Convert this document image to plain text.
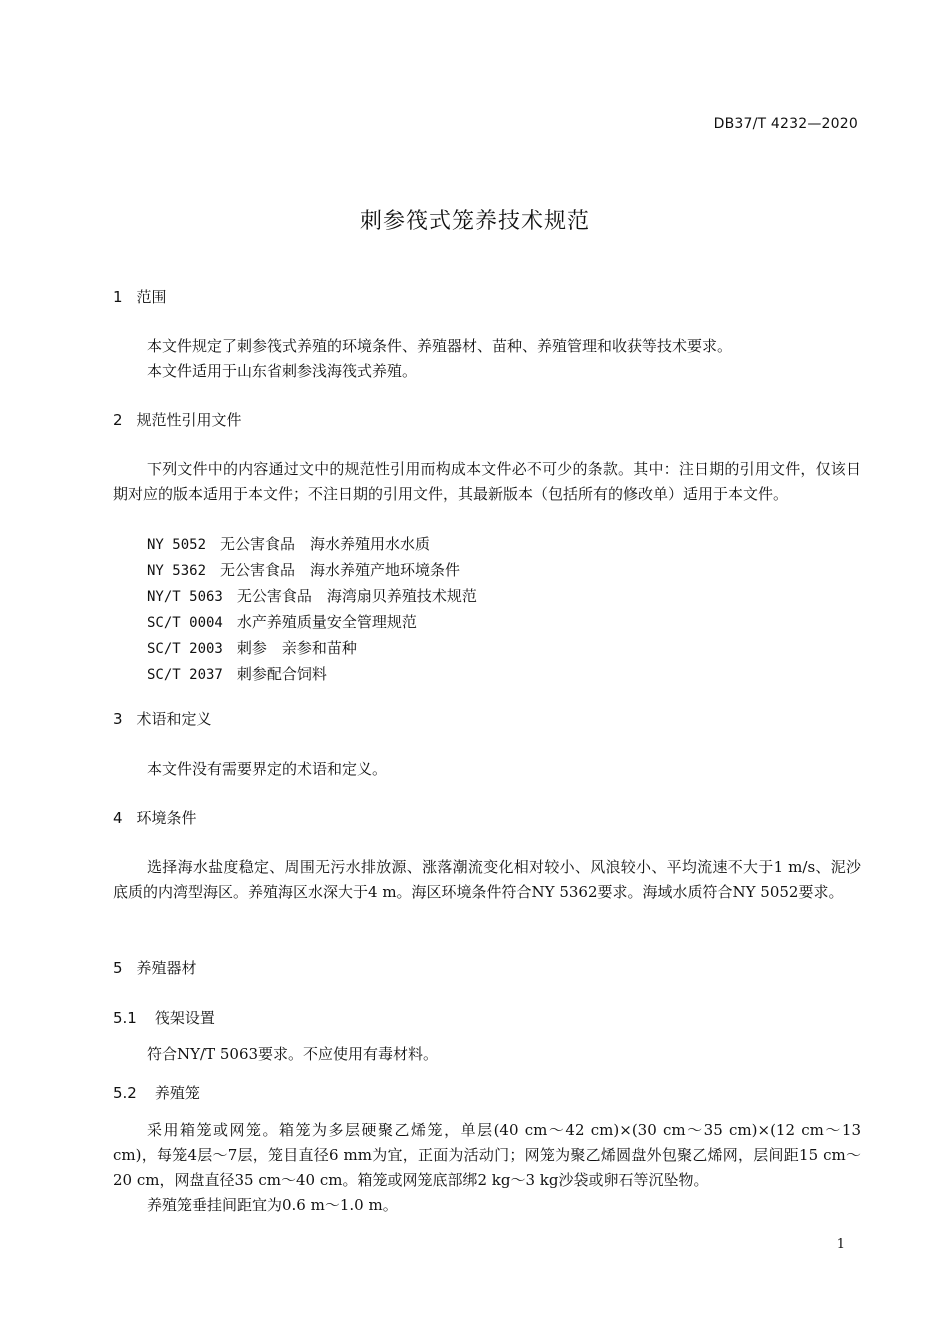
DB37/T 4232—2020
刺参筏式笼养技术规范
1 范围
本文件规定了刺参筏式养殖的环境条件、养殖器材、苗种、养殖管理和收获等技术要求。
本文件适用于山东省刺参浅海筏式养殖。
2 规范性引用文件
下列文件中的内容通过文中的规范性引用而构成本文件必不可少的条款。其中：注日期的引用文件，仅该日期对应的版本适用于本文件；不注日期的引用文件，其最新版本（包括所有的修改单）适用于本文件。
NY 5052 无公害食品　海水养殖用水水质
NY 5362 无公害食品　海水养殖产地环境条件
NY/T 5063 无公害食品　海湾扇贝养殖技术规范
SC/T 0004 水产养殖质量安全管理规范
SC/T 2003 刺参　亲参和苗种
SC/T 2037 刺参配合饲料
3 术语和定义
本文件没有需要界定的术语和定义。
4 环境条件
选择海水盐度稳定、周围无污水排放源、涨落潮流变化相对较小、风浪较小、平均流速不大于1 m/s、泥沙底质的内湾型海区。养殖海区水深大于4 m。海区环境条件符合NY 5362要求。海域水质符合NY 5052要求。
5 养殖器材
5.1 筏架设置
符合NY/T 5063要求。不应使用有毒材料。
5.2 养殖笼
采用箱笼或网笼。箱笼为多层硬聚乙烯笼，单层(40 cm～42 cm)×(30 cm～35 cm)×(12 cm～13 cm)，每笼4层～7层，笼目直径6 mm为宜，正面为活动门；网笼为聚乙烯圆盘外包聚乙烯网，层间距15 cm～20 cm，网盘直径35 cm～40 cm。箱笼或网笼底部绑2 kg～3 kg沙袋或卵石等沉坠物。
养殖笼垂挂间距宜为0.6 m～1.0 m。
1
